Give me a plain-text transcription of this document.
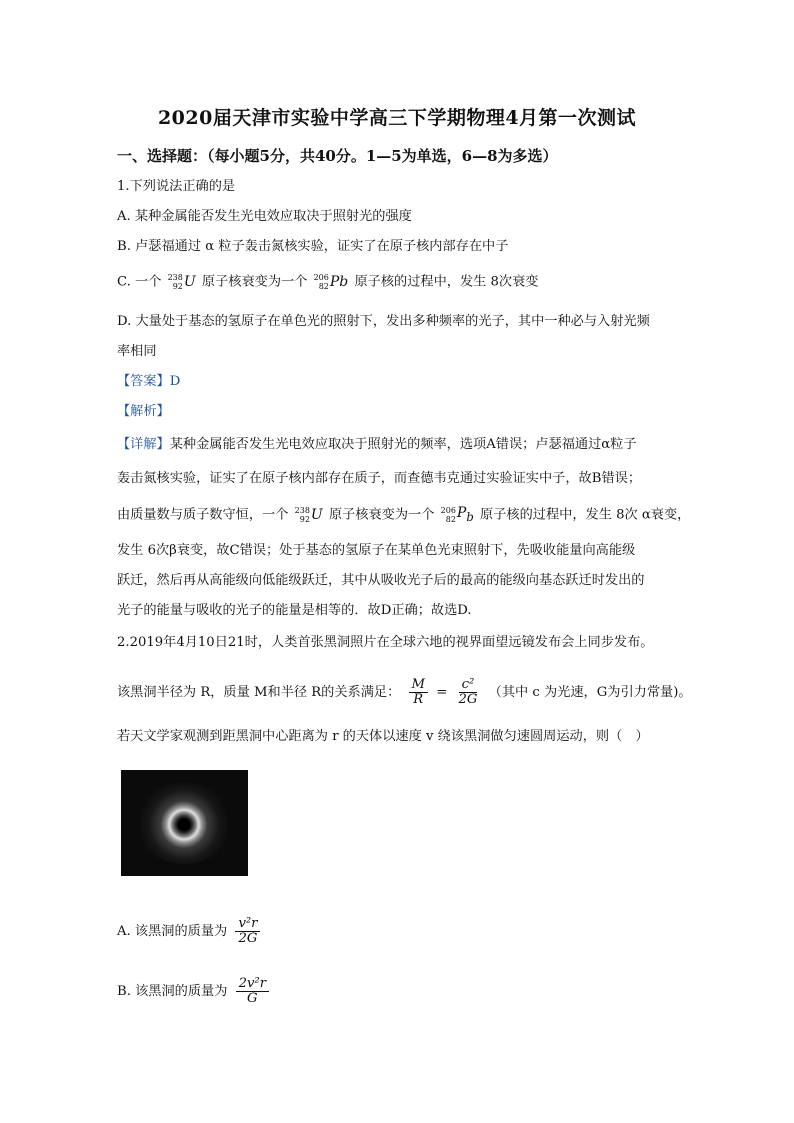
2020届天津市实验中学高三下学期物理4月第一次测试
一、选择题：（每小题5分，共40分。1—5为单选，6—8为多选）
1.下列说法正确的是
A. 某种金属能否发生光电效应取决于照射光的强度
B. 卢瑟福通过 α 粒子轰击氮核实验，证实了在原子核内部存在中子
C. 一个 238
92 U 原子核衰变为一个 206
82 Pb 原子核的过程中，发生 8次衰变
D. 大量处于基态的氢原子在单色光的照射下，发出多种频率的光子，其中一种必与入射光频
率相同
【答案】D
【解析】
【详解】某种金属能否发生光电效应取决于照射光的频率，选项A错误；卢瑟福通过α粒子
轰击氮核实验，证实了在原子核内部存在质子，而查德韦克通过实验证实中子，故B错误；
由质量数与质子数守恒，一个 238
92 U 原子核衰变为一个 206
82 $P_b$ 原子核的过程中，发生 8次 α衰变，
发生 6次β衰变，故C错误；处于基态的氢原子在某单色光束照射下，先吸收能量向高能级
跃迁，然后再从高能级向低能级跃迁，其中从吸收光子后的最高的能级向基态跃迁时发出的
光子的能量与吸收的光子的能量是相等的．故D正确；故选D.
2.2019年4月10日21时，人类首张黑洞照片在全球六地的视界面望远镜发布会上同步发布。
该黑洞半径为 R，质量 M和半径 R的关系满足： $\frac{M}{R} = \frac{\text{c²}}{2G}$ （其中 c 为光速，G为引力常量)。
若天文学家观测到距黑洞中心距离为 r 的天体以速度 v 绕该黑洞做匀速圆周运动，则（　）
A. 该黑洞的质量为 $\frac{\text{v²r}}{2G}$
B. 该黑洞的质量为 $\frac{\text{2v²r}}{G}$
